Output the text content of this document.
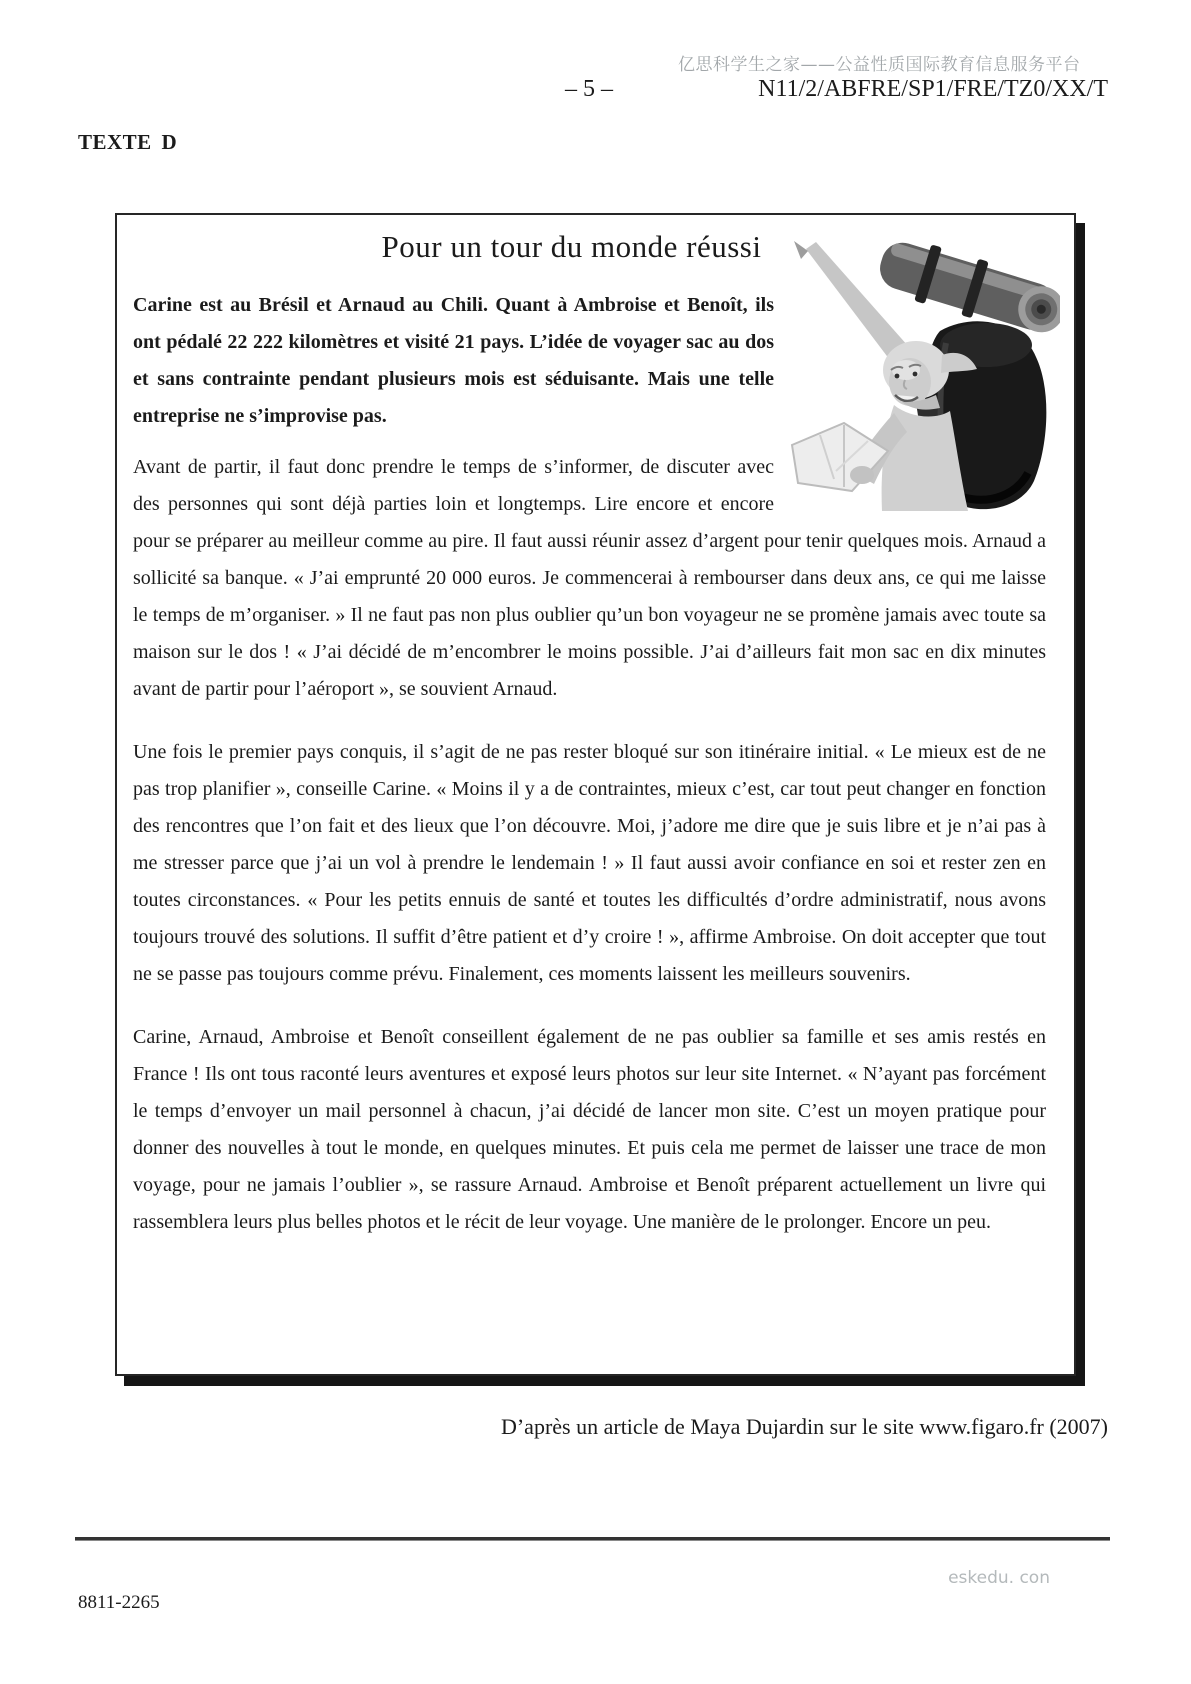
亿思科学生之家——公益性质国际教育信息服务平台
– 5 –	N11/2/ABFRE/SP1/FRE/TZ0/XX/T
TEXTE D
Pour un tour du monde réussi

Carine est au Brésil et Arnaud au Chili. Quant à Ambroise et Benoît, ils ont pédalé 22 222 kilomètres et visité 21 pays. L’idée de voyager sac au dos et sans contrainte pendant plusieurs mois est séduisante. Mais une telle entreprise ne s’improvise pas.

Avant de partir, il faut donc prendre le temps de s’informer, de discuter avec des personnes qui sont déjà parties loin et longtemps. Lire encore et encore pour se préparer au meilleur comme au pire. Il faut aussi réunir assez d’argent pour tenir quelques mois. Arnaud a sollicité sa banque. « J’ai emprunté 20 000 euros. Je commencerai à rembourser dans deux ans, ce qui me laisse le temps de m’organiser. » Il ne faut pas non plus oublier qu’un bon voyageur ne se promène jamais avec toute sa maison sur le dos ! « J’ai décidé de m’encombrer le moins possible. J’ai d’ailleurs fait mon sac en dix minutes avant de partir pour l’aéroport », se souvient Arnaud.

Une fois le premier pays conquis, il s’agit de ne pas rester bloqué sur son itinéraire initial. « Le mieux est de ne pas trop planifier », conseille Carine. « Moins il y a de contraintes, mieux c’est, car tout peut changer en fonction des rencontres que l’on fait et des lieux que l’on découvre. Moi, j’adore me dire que je suis libre et je n’ai pas à me stresser parce que j’ai un vol à prendre le lendemain ! » Il faut aussi avoir confiance en soi et rester zen en toutes circonstances. « Pour les petits ennuis de santé et toutes les difficultés d’ordre administratif, nous avons toujours trouvé des solutions. Il suffit d’être patient et d’y croire ! », affirme Ambroise. On doit accepter que tout ne se passe pas toujours comme prévu. Finalement, ces moments laissent les meilleurs souvenirs.

Carine, Arnaud, Ambroise et Benoît conseillent également de ne pas oublier sa famille et ses amis restés en France ! Ils ont tous raconté leurs aventures et exposé leurs photos sur leur site Internet. « N’ayant pas forcément le temps d’envoyer un mail personnel à chacun, j’ai décidé de lancer mon site. C’est un moyen pratique pour donner des nouvelles à tout le monde, en quelques minutes. Et puis cela me permet de laisser une trace de mon voyage, pour ne jamais l’oublier », se rassure Arnaud. Ambroise et Benoît préparent actuellement un livre qui rassemblera leurs plus belles photos et le récit de leur voyage. Une manière de le prolonger. Encore un peu.

D’après un article de Maya Dujardin sur le site www.figaro.fr (2007)
8811-2265
eskedu. con
